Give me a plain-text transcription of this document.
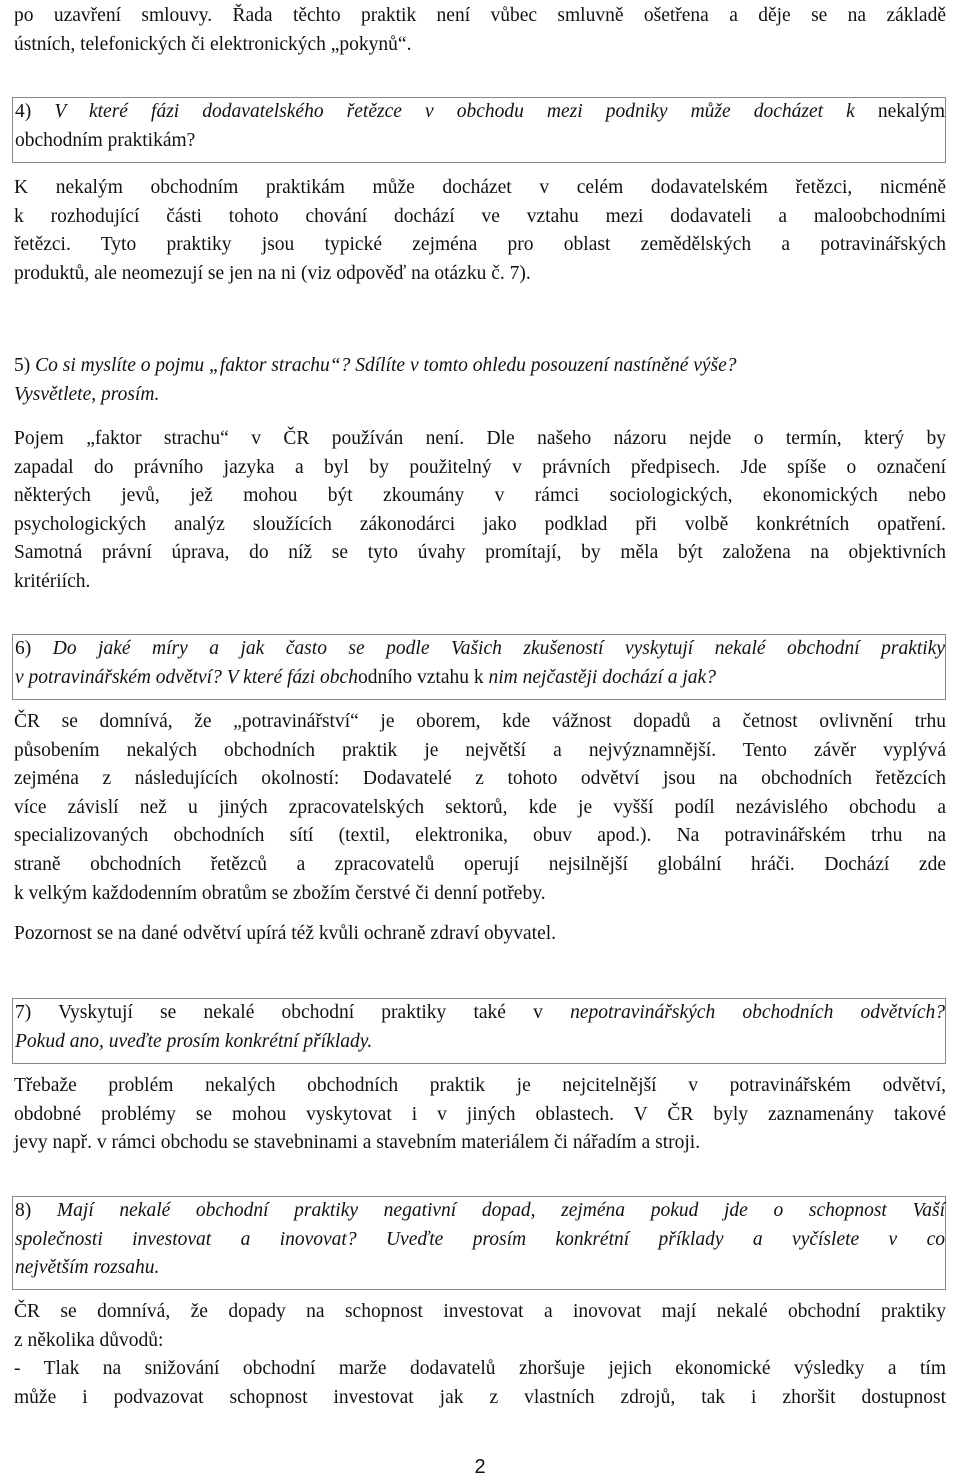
po uzavření smlouvy. Řada těchto praktik není vůbec smluvně ošetřena a děje se na základě
ústních, telefonických či elektronických „pokynů“.
4) V které fázi dodavatelského řetězce v obchodu mezi podniky může docházet k nekalým
obchodním praktikám?
K nekalým obchodním praktikám může docházet v celém dodavatelském řetězci, nicméně
k rozhodující části tohoto chování dochází ve vztahu mezi dodavateli a maloobchodními
řetězci. Tyto praktiky jsou typické zejména pro oblast zemědělských a potravinářských
produktů, ale neomezují se jen na ni (viz odpověď na otázku č. 7).
5) Co si myslíte o pojmu „faktor strachu“? Sdílíte v tomto ohledu posouzení nastíněné výše?
Vysvětlete, prosím.
Pojem „faktor strachu“ v ČR používán není. Dle našeho názoru nejde o termín, který by
zapadal do právního jazyka a byl by použitelný v právních předpisech. Jde spíše o označení
některých jevů, jež mohou být zkoumány v rámci sociologických, ekonomických nebo
psychologických analýz sloužících zákonodárci jako podklad při volbě konkrétních opatření.
Samotná právní úprava, do níž se tyto úvahy promítají, by měla být založena na objektivních
kritériích.
6) Do jaké míry a jak často se podle Vašich zkušeností vyskytují nekalé obchodní praktiky
v potravinářském odvětví? V které fázi obchodního vztahu k nim nejčastěji dochází a jak?
ČR se domnívá, že „potravinářství“ je oborem, kde vážnost dopadů a četnost ovlivnění trhu
působením nekalých obchodních praktik je největší a nejvýznamnější. Tento závěr vyplývá
zejména z následujících okolností: Dodavatelé z tohoto odvětví jsou na obchodních řetězcích
více závislí než u jiných zpracovatelských sektorů, kde je vyšší podíl nezávislého obchodu a
specializovaných obchodních sítí (textil, elektronika, obuv apod.). Na potravinářském trhu na
straně obchodních řetězců a zpracovatelů operují nejsilnější globální hráči. Dochází zde
k velkým každodenním obratům se zbožím čerstvé či denní potřeby.
Pozornost se na dané odvětví upírá též kvůli ochraně zdraví obyvatel.
7) Vyskytují se nekalé obchodní praktiky také v nepotravinářských obchodních odvětvích?
Pokud ano, uveďte prosím konkrétní příklady.
Třebaže problém nekalých obchodních praktik je nejcitelnější v potravinářském odvětví,
obdobné problémy se mohou vyskytovat i v jiných oblastech. V ČR byly zaznamenány takové
jevy např. v rámci obchodu se stavebninami a stavebním materiálem či nářadím a stroji.
8) Mají nekalé obchodní praktiky negativní dopad, zejména pokud jde o schopnost Vaší
společnosti investovat a inovovat? Uveďte prosím konkrétní příklady a vyčíslete v co
největším rozsahu.
ČR se domnívá, že dopady na schopnost investovat a inovovat mají nekalé obchodní praktiky
z několika důvodů:
- Tlak na snižování obchodní marže dodavatelů zhoršuje jejich ekonomické výsledky a tím
může i podvazovat schopnost investovat jak z vlastních zdrojů, tak i zhoršit dostupnost
2
